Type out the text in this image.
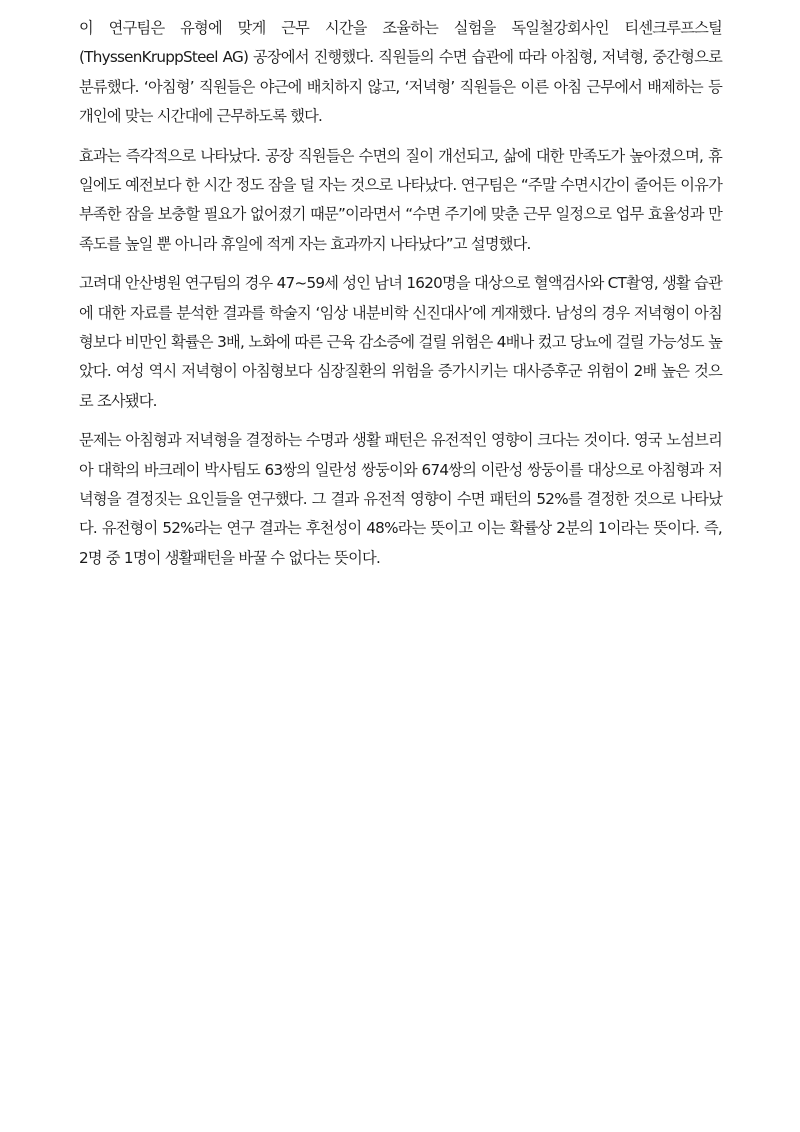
이 연구팀은 유형에 맞게 근무 시간을 조율하는 실험을 독일철강회사인 티센크루프스틸(ThyssenKruppSteel AG) 공장에서 진행했다. 직원들의 수면 습관에 따라 아침형, 저녁형, 중간형으로 분류했다. ‘아침형’ 직원들은 야근에 배치하지 않고, ‘저녁형’ 직원들은 이른 아침 근무에서 배제하는 등 개인에 맞는 시간대에 근무하도록 했다.

효과는 즉각적으로 나타났다. 공장 직원들은 수면의 질이 개선되고, 삶에 대한 만족도가 높아졌으며, 휴일에도 예전보다 한 시간 정도 잠을 덜 자는 것으로 나타났다. 연구팀은 “주말 수면시간이 줄어든 이유가 부족한 잠을 보충할 필요가 없어졌기 때문”이라면서 “수면 주기에 맞춘 근무 일정으로 업무 효율성과 만족도를 높일 뿐 아니라 휴일에 적게 자는 효과까지 나타났다”고 설명했다.

고려대 안산병원 연구팀의 경우 47~59세 성인 남녀 1620명을 대상으로 혈액검사와 CT촬영, 생활 습관에 대한 자료를 분석한 결과를 학술지 ‘임상 내분비학 신진대사’에 게재했다. 남성의 경우 저녁형이 아침형보다 비만인 확률은 3배, 노화에 따른 근육 감소증에 걸릴 위험은 4배나 컸고 당뇨에 걸릴 가능성도 높았다. 여성 역시 저녁형이 아침형보다 심장질환의 위험을 증가시키는 대사증후군 위험이 2배 높은 것으로 조사됐다.

문제는 아침형과 저녁형을 결정하는 수명과 생활 패턴은 유전적인 영향이 크다는 것이다. 영국 노섬브리아 대학의 바크레이 박사팀도 63쌍의 일란성 쌍둥이와 674쌍의 이란성 쌍둥이를 대상으로 아침형과 저녁형을 결정짓는 요인들을 연구했다. 그 결과 유전적 영향이 수면 패턴의 52%를 결정한 것으로 나타났다. 유전형이 52%라는 연구 결과는 후천성이 48%라는 뜻이고 이는 확률상 2분의 1이라는 뜻이다. 즉, 2명 중 1명이 생활패턴을 바꿀 수 없다는 뜻이다.
